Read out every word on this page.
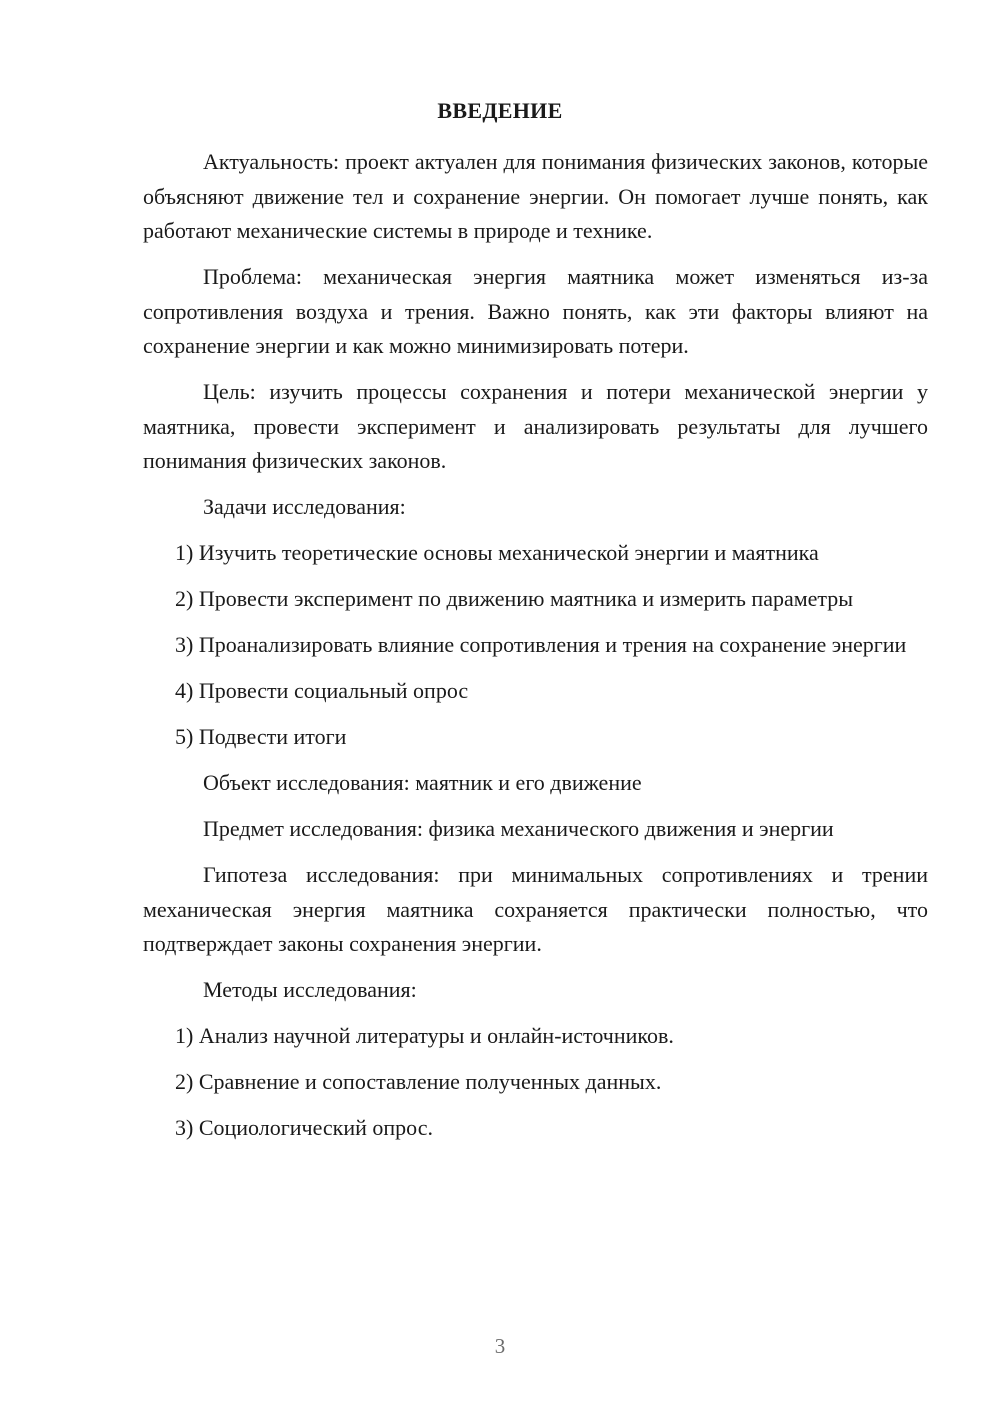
ВВЕДЕНИЕ

Актуальность: проект актуален для понимания физических законов, которые объясняют движение тел и сохранение энергии. Он помогает лучше понять, как работают механические системы в природе и технике.

Проблема: механическая энергия маятника может изменяться из-за сопротивления воздуха и трения. Важно понять, как эти факторы влияют на сохранение энергии и как можно минимизировать потери.

Цель: изучить процессы сохранения и потери механической энергии у маятника, провести эксперимент и анализировать результаты для лучшего понимания физических законов.

Задачи исследования:

1) Изучить теоретические основы механической энергии и маятника

2) Провести эксперимент по движению маятника и измерить параметры

3) Проанализировать влияние сопротивления и трения на сохранение энергии

4) Провести социальный опрос

5) Подвести итоги

Объект исследования: маятник и его движение

Предмет исследования: физика механического движения и энергии

Гипотеза исследования: при минимальных сопротивлениях и трении механическая энергия маятника сохраняется практически полностью, что подтверждает законы сохранения энергии.

Методы исследования:

1) Анализ научной литературы и онлайн-источников.

2) Сравнение и сопоставление полученных данных.

3) Социологический опрос.

3
